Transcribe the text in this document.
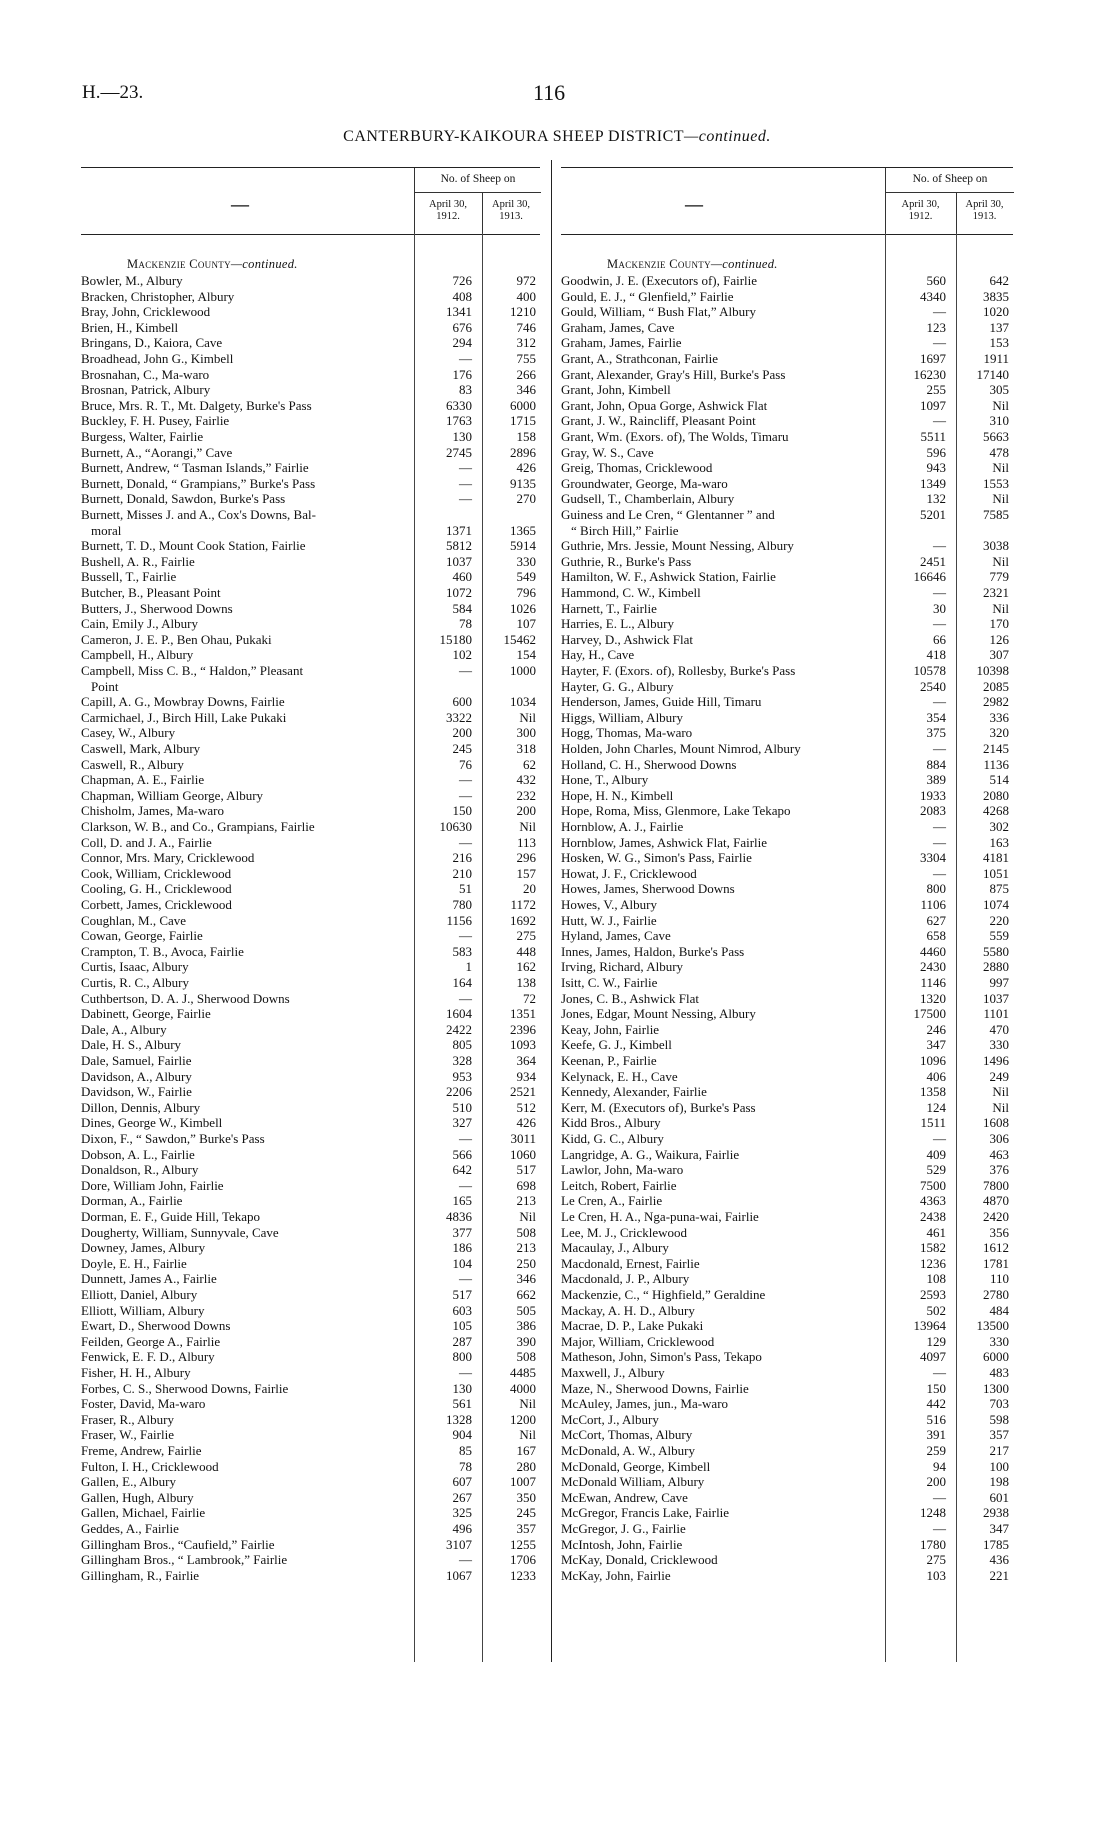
H.—23.	116
CANTERBURY-KAIKOURA SHEEP DISTRICT—continued.
—
No. of Sheep on
April 30,
1912.
April 30,
1913.
Mackenzie County—continued.
Bowler, M., Albury	726	972
Bracken, Christopher, Albury	408	400
Bray, John, Cricklewood	1341	1210
Brien, H., Kimbell	676	746
Bringans, D., Kaiora, Cave	294	312
Broadhead, John G., Kimbell	—	755
Brosnahan, C., Ma-waro	176	266
Brosnan, Patrick, Albury	83	346
Bruce, Mrs. R. T., Mt. Dalgety, Burke's Pass	6330	6000
Buckley, F. H. Pusey, Fairlie	1763	1715
Burgess, Walter, Fairlie	130	158
Burnett, A., “Aorangi,” Cave	2745	2896
Burnett, Andrew, “ Tasman Islands,” Fairlie	—	426
Burnett, Donald, “ Grampians,” Burke's Pass	—	9135
Burnett, Donald, Sawdon, Burke's Pass	—	270
Burnett, Misses J. and A., Cox's Downs, Bal-
moral	1371	1365
Burnett, T. D., Mount Cook Station, Fairlie	5812	5914
Bushell, A. R., Fairlie	1037	330
Bussell, T., Fairlie	460	549
Butcher, B., Pleasant Point	1072	796
Butters, J., Sherwood Downs	584	1026
Cain, Emily J., Albury	78	107
Cameron, J. E. P., Ben Ohau, Pukaki	15180	15462
Campbell, H., Albury	102	154
Campbell, Miss C. B., “ Haldon,” Pleasant	—	1000
Point
Capill, A. G., Mowbray Downs, Fairlie	600	1034
Carmichael, J., Birch Hill, Lake Pukaki	3322	Nil
Casey, W., Albury	200	300
Caswell, Mark, Albury	245	318
Caswell, R., Albury	76	62
Chapman, A. E., Fairlie	—	432
Chapman, William George, Albury	—	232
Chisholm, James, Ma-waro	150	200
Clarkson, W. B., and Co., Grampians, Fairlie	10630	Nil
Coll, D. and J. A., Fairlie	—	113
Connor, Mrs. Mary, Cricklewood	216	296
Cook, William, Cricklewood	210	157
Cooling, G. H., Cricklewood	51	20
Corbett, James, Cricklewood	780	1172
Coughlan, M., Cave	1156	1692
Cowan, George, Fairlie	—	275
Crampton, T. B., Avoca, Fairlie	583	448
Curtis, Isaac, Albury	1	162
Curtis, R. C., Albury	164	138
Cuthbertson, D. A. J., Sherwood Downs	—	72
Dabinett, George, Fairlie	1604	1351
Dale, A., Albury	2422	2396
Dale, H. S., Albury	805	1093
Dale, Samuel, Fairlie	328	364
Davidson, A., Albury	953	934
Davidson, W., Fairlie	2206	2521
Dillon, Dennis, Albury	510	512
Dines, George W., Kimbell	327	426
Dixon, F., “ Sawdon,” Burke's Pass	—	3011
Dobson, A. L., Fairlie	566	1060
Donaldson, R., Albury	642	517
Dore, William John, Fairlie	—	698
Dorman, A., Fairlie	165	213
Dorman, E. F., Guide Hill, Tekapo	4836	Nil
Dougherty, William, Sunnyvale, Cave	377	508
Downey, James, Albury	186	213
Doyle, E. H., Fairlie	104	250
Dunnett, James A., Fairlie	—	346
Elliott, Daniel, Albury	517	662
Elliott, William, Albury	603	505
Ewart, D., Sherwood Downs	105	386
Feilden, George A., Fairlie	287	390
Fenwick, E. F. D., Albury	800	508
Fisher, H. H., Albury	—	4485
Forbes, C. S., Sherwood Downs, Fairlie	130	4000
Foster, David, Ma-waro	561	Nil
Fraser, R., Albury	1328	1200
Fraser, W., Fairlie	904	Nil
Freme, Andrew, Fairlie	85	167
Fulton, I. H., Cricklewood	78	280
Gallen, E., Albury	607	1007
Gallen, Hugh, Albury	267	350
Gallen, Michael, Fairlie	325	245
Geddes, A., Fairlie	496	357
Gillingham Bros., “Caufield,” Fairlie	3107	1255
Gillingham Bros., “ Lambrook,” Fairlie	—	1706
Gillingham, R., Fairlie	1067	1233
—
No. of Sheep on
April 30,
1912.
April 30,
1913.
Mackenzie County—continued.
Goodwin, J. E. (Executors of), Fairlie	560	642
Gould, E. J., “ Glenfield,” Fairlie	4340	3835
Gould, William, “ Bush Flat,” Albury	—	1020
Graham, James, Cave	123	137
Graham, James, Fairlie	—	153
Grant, A., Strathconan, Fairlie	1697	1911
Grant, Alexander, Gray's Hill, Burke's Pass	16230	17140
Grant, John, Kimbell	255	305
Grant, John, Opua Gorge, Ashwick Flat	1097	Nil
Grant, J. W., Raincliff, Pleasant Point	—	310
Grant, Wm. (Exors. of), The Wolds, Timaru	5511	5663
Gray, W. S., Cave	596	478
Greig, Thomas, Cricklewood	943	Nil
Groundwater, George, Ma-waro	1349	1553
Gudsell, T., Chamberlain, Albury	132	Nil
Guiness and Le Cren, “ Glentanner ” and	5201	7585
“ Birch Hill,” Fairlie
Guthrie, Mrs. Jessie, Mount Nessing, Albury	—	3038
Guthrie, R., Burke's Pass	2451	Nil
Hamilton, W. F., Ashwick Station, Fairlie	16646	779
Hammond, C. W., Kimbell	—	2321
Harnett, T., Fairlie	30	Nil
Harries, E. L., Albury	—	170
Harvey, D., Ashwick Flat	66	126
Hay, H., Cave	418	307
Hayter, F. (Exors. of), Rollesby, Burke's Pass	10578	10398
Hayter, G. G., Albury	2540	2085
Henderson, James, Guide Hill, Timaru	—	2982
Higgs, William, Albury	354	336
Hogg, Thomas, Ma-waro	375	320
Holden, John Charles, Mount Nimrod, Albury	—	2145
Holland, C. H., Sherwood Downs	884	1136
Hone, T., Albury	389	514
Hope, H. N., Kimbell	1933	2080
Hope, Roma, Miss, Glenmore, Lake Tekapo	2083	4268
Hornblow, A. J., Fairlie	—	302
Hornblow, James, Ashwick Flat, Fairlie	—	163
Hosken, W. G., Simon's Pass, Fairlie	3304	4181
Howat, J. F., Cricklewood	—	1051
Howes, James, Sherwood Downs	800	875
Howes, V., Albury	1106	1074
Hutt, W. J., Fairlie	627	220
Hyland, James, Cave	658	559
Innes, James, Haldon, Burke's Pass	4460	5580
Irving, Richard, Albury	2430	2880
Isitt, C. W., Fairlie	1146	997
Jones, C. B., Ashwick Flat	1320	1037
Jones, Edgar, Mount Nessing, Albury	17500	1101
Keay, John, Fairlie	246	470
Keefe, G. J., Kimbell	347	330
Keenan, P., Fairlie	1096	1496
Kelynack, E. H., Cave	406	249
Kennedy, Alexander, Fairlie	1358	Nil
Kerr, M. (Executors of), Burke's Pass	124	Nil
Kidd Bros., Albury	1511	1608
Kidd, G. C., Albury	—	306
Langridge, A. G., Waikura, Fairlie	409	463
Lawlor, John, Ma-waro	529	376
Leitch, Robert, Fairlie	7500	7800
Le Cren, A., Fairlie	4363	4870
Le Cren, H. A., Nga-puna-wai, Fairlie	2438	2420
Lee, M. J., Cricklewood	461	356
Macaulay, J., Albury	1582	1612
Macdonald, Ernest, Fairlie	1236	1781
Macdonald, J. P., Albury	108	110
Mackenzie, C., “ Highfield,” Geraldine	2593	2780
Mackay, A. H. D., Albury	502	484
Macrae, D. P., Lake Pukaki	13964	13500
Major, William, Cricklewood	129	330
Matheson, John, Simon's Pass, Tekapo	4097	6000
Maxwell, J., Albury	—	483
Maze, N., Sherwood Downs, Fairlie	150	1300
McAuley, James, jun., Ma-waro	442	703
McCort, J., Albury	516	598
McCort, Thomas, Albury	391	357
McDonald, A. W., Albury	259	217
McDonald, George, Kimbell	94	100
McDonald William, Albury	200	198
McEwan, Andrew, Cave	—	601
McGregor, Francis Lake, Fairlie	1248	2938
McGregor, J. G., Fairlie	—	347
McIntosh, John, Fairlie	1780	1785
McKay, Donald, Cricklewood	275	436
McKay, John, Fairlie	103	221
